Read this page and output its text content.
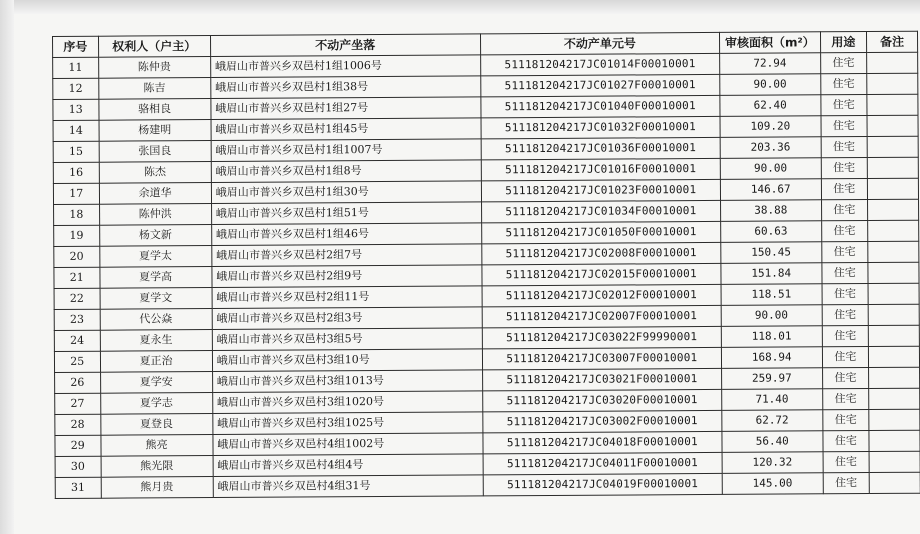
序号	权利人（户主）	不动产坐落	不动产单元号	审核面积（m²）	用途	备注
11	陈仲贵	峨眉山市普兴乡双邑村1组1006号	511181204217JC01014F00010001	72.94	住宅	
12	陈吉	峨眉山市普兴乡双邑村1组38号	511181204217JC01027F00010001	90.00	住宅	
13	骆相良	峨眉山市普兴乡双邑村1组27号	511181204217JC01040F00010001	62.40	住宅	
14	杨建明	峨眉山市普兴乡双邑村1组45号	511181204217JC01032F00010001	109.20	住宅	
15	张国良	峨眉山市普兴乡双邑村1组1007号	511181204217JC01036F00010001	203.36	住宅	
16	陈杰	峨眉山市普兴乡双邑村1组8号	511181204217JC01016F00010001	90.00	住宅	
17	余道华	峨眉山市普兴乡双邑村1组30号	511181204217JC01023F00010001	146.67	住宅	
18	陈仲洪	峨眉山市普兴乡双邑村1组51号	511181204217JC01034F00010001	38.88	住宅	
19	杨文新	峨眉山市普兴乡双邑村1组46号	511181204217JC01050F00010001	60.63	住宅	
20	夏学太	峨眉山市普兴乡双邑村2组7号	511181204217JC02008F00010001	150.45	住宅	
21	夏学高	峨眉山市普兴乡双邑村2组9号	511181204217JC02015F00010001	151.84	住宅	
22	夏学文	峨眉山市普兴乡双邑村2组11号	511181204217JC02012F00010001	118.51	住宅	
23	代公焱	峨眉山市普兴乡双邑村2组3号	511181204217JC02007F00010001	90.00	住宅	
24	夏永生	峨眉山市普兴乡双邑村3组5号	511181204217JC03022F99990001	118.01	住宅	
25	夏正治	峨眉山市普兴乡双邑村3组10号	511181204217JC03007F00010001	168.94	住宅	
26	夏学安	峨眉山市普兴乡双邑村3组1013号	511181204217JC03021F00010001	259.97	住宅	
27	夏学志	峨眉山市普兴乡双邑村3组1020号	511181204217JC03020F00010001	71.40	住宅	
28	夏登良	峨眉山市普兴乡双邑村3组1025号	511181204217JC03002F00010001	62.72	住宅	
29	熊亮	峨眉山市普兴乡双邑村4组1002号	511181204217JC04018F00010001	56.40	住宅	
30	熊光限	峨眉山市普兴乡双邑村4组4号	511181204217JC04011F00010001	120.32	住宅	
31	熊月贵	峨眉山市普兴乡双邑村4组31号	511181204217JC04019F00010001	145.00	住宅	
